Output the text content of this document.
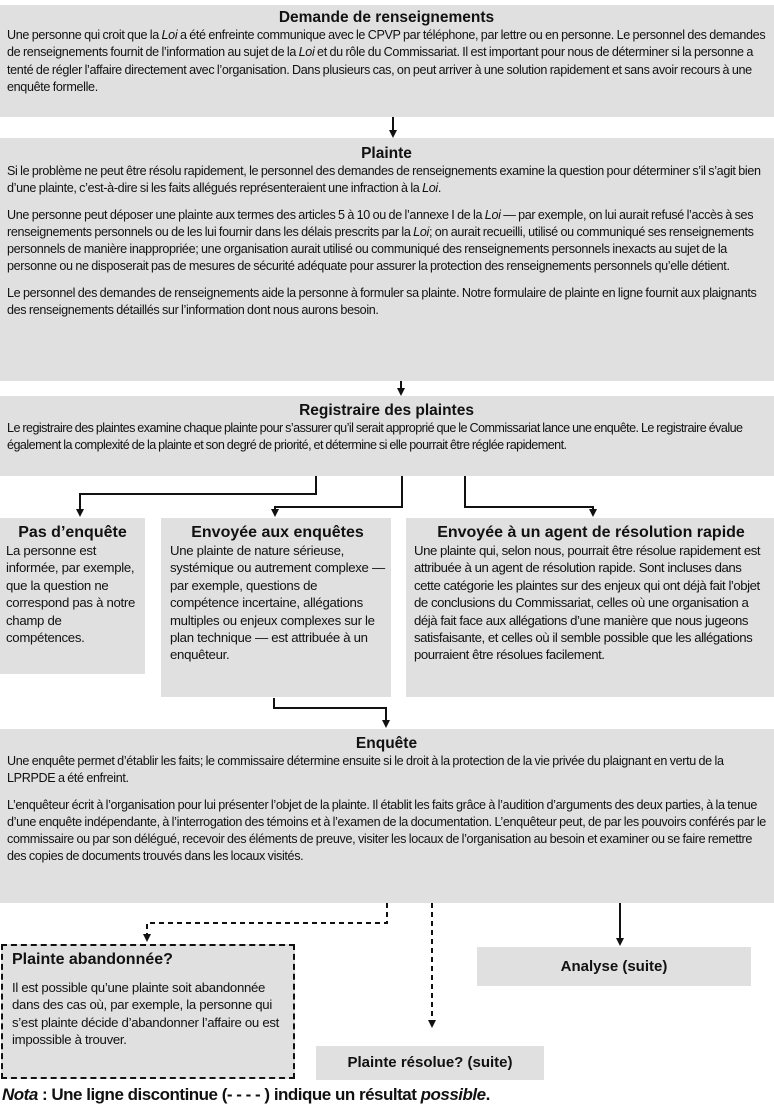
Demande de renseignements
Une personne qui croit que la Loi a été enfreinte communique avec le CPVP par téléphone, par lettre ou en personne. Le personnel des demandes de renseignements fournit de l’information au sujet de la Loi et du rôle du Commissariat. Il est important pour nous de déterminer si la personne a tenté de régler l’affaire directement avec l’organisation. Dans plusieurs cas, on peut arriver à une solution rapidement et sans avoir recours à une enquête formelle.
Plainte

Si le problème ne peut être résolu rapidement, le personnel des demandes de renseignements examine la question pour déterminer s’il s’agit bien d’une plainte, c’est-à-dire si les faits allégués représenteraient une infraction à la Loi.

Une personne peut déposer une plainte aux termes des articles 5 à 10 ou de l’annexe I de la Loi — par exemple, on lui aurait refusé l’accès à ses renseignements personnels ou de les lui fournir dans les délais prescrits par la Loi; on aurait recueilli, utilisé ou communiqué ses renseignements personnels de manière inappropriée; une organisation aurait utilisé ou communiqué des renseignements personnels inexacts au sujet de la personne ou ne disposerait pas de mesures de sécurité adéquate pour assurer la protection des renseignements personnels qu’elle détient.

Le personnel des demandes de renseignements aide la personne à formuler sa plainte. Notre formulaire de plainte en ligne fournit aux plaignants des renseignements détaillés sur l’information dont nous aurons besoin.

Registraire des plaintes
Le registraire des plaintes examine chaque plainte pour s’assurer qu’il serait approprié que le Commissariat lance une enquête. Le registraire évalue également la complexité de la plainte et son degré de priorité, et détermine si elle pourrait être réglée rapidement.
Pas d’enquête
La personne est informée, par exemple, que la question ne correspond pas à notre champ de compétences.
Envoyée aux enquêtes
Une plainte de nature sérieuse, systémique ou autrement complexe — par exemple, questions de compétence incertaine, allégations multiples ou enjeux complexes sur le plan technique — est attribuée à un enquêteur.
Envoyée à un agent de résolution rapide
Une plainte qui, selon nous, pourrait être résolue rapidement est attribuée à un agent de résolution rapide. Sont incluses dans cette catégorie les plaintes sur des enjeux qui ont déjà fait l’objet de conclusions du Commissariat, celles où une organisation a déjà fait face aux allégations d’une manière que nous jugeons satisfaisante, et celles où il semble possible que les allégations pourraient être résolues facilement.
Enquête

Une enquête permet d’établir les faits; le commissaire détermine ensuite si le droit à la protection de la vie privée du plaignant en vertu de la LPRPDE a été enfreint.

L’enquêteur écrit à l’organisation pour lui présenter l’objet de la plainte. Il établit les faits grâce à l’audition d’arguments des deux parties, à la tenue d’une enquête indépendante, à l’interrogation des témoins et à l’examen de la documentation. L’enquêteur peut, de par les pouvoirs conférés par le commissaire ou par son délégué, recevoir des éléments de preuve, visiter les locaux de l’organisation au besoin et examiner ou se faire remettre des copies de documents trouvés dans les locaux visités.

Plainte abandonnée?
Il est possible qu’une plainte soit abandonnée dans des cas où, par exemple, la personne qui s’est plainte décide d’abandonner l’affaire ou est impossible à trouver.
Analyse (suite)
Plainte résolue? (suite)
Nota : Une ligne discontinue (- - - - ) indique un résultat possible.
